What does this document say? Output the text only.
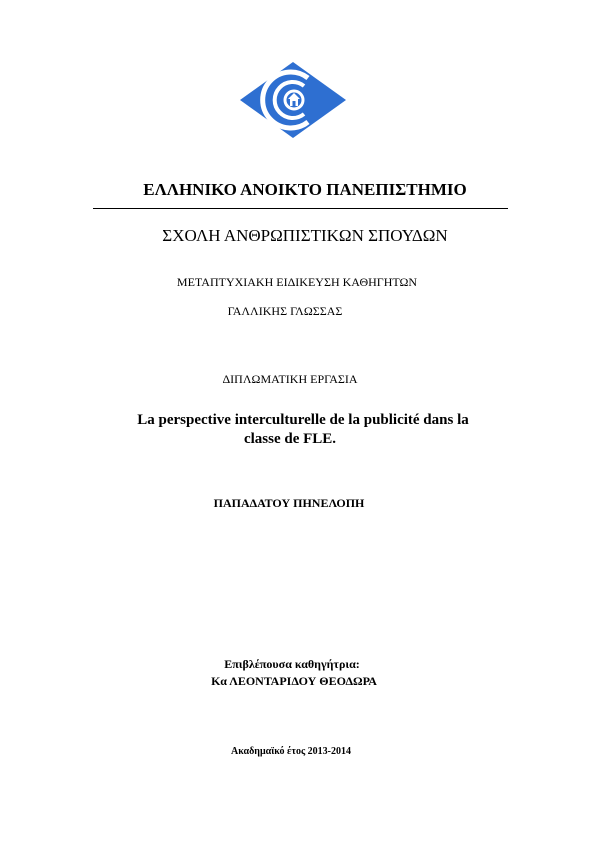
ΕΛΛΗΝΙΚΟ ΑΝΟΙΚΤΟ ΠΑΝΕΠΙΣΤΗΜΙΟ
ΣΧΟΛΗ ΑΝΘΡΩΠΙΣΤΙΚΩΝ ΣΠΟΥΔΩΝ
ΜΕΤΑΠΤΥΧΙΑΚΗ ΕΙΔΙΚΕΥΣΗ ΚΑΘΗΓΗΤΩΝ
ΓΑΛΛΙΚΗΣ ΓΛΩΣΣΑΣ
ΔΙΠΛΩΜΑΤΙΚΗ ΕΡΓΑΣΙΑ
La perspective interculturelle de la publicité dans la
classe de FLE.
ΠΑΠΑΔΑΤΟΥ ΠΗΝΕΛΟΠΗ
Επιβλέπουσα καθηγήτρια:
Κα ΛΕΟΝΤΑΡΙΔΟΥ ΘΕΟΔΩΡΑ
Ακαδημαϊκό έτος 2013-2014
